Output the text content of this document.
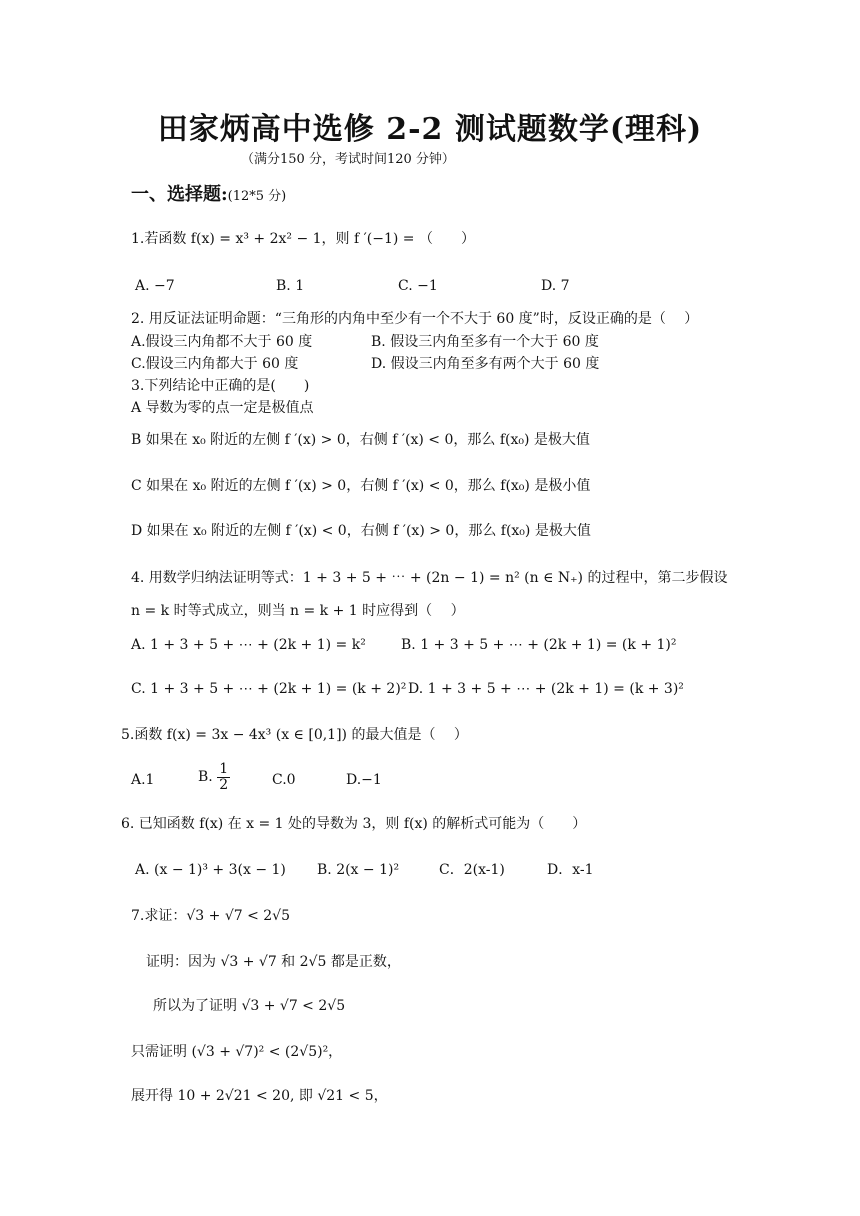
田家炳高中选修 2-2 测试题数学(理科)
（满分150 分，考试时间120 分钟）
一、选择题:(12*5 分)
1.若函数 f(x) = x³ + 2x² − 1，则 f ′(−1) = （　　）
A. −7	B. 1	C. −1	D. 7
2. 用反证法证明命题：“三角形的内角中至少有一个不大于 60 度”时，反设正确的是（　 ）
A.假设三内角都不大于 60 度	B. 假设三内角至多有一个大于 60 度
C.假设三内角都大于 60 度	D. 假设三内角至多有两个大于 60 度
3.下列结论中正确的是(　　)
A 导数为零的点一定是极值点
B 如果在 x₀ 附近的左侧 f ′(x) > 0，右侧 f ′(x) < 0，那么 f(x₀) 是极大值
C 如果在 x₀ 附近的左侧 f ′(x) > 0，右侧 f ′(x) < 0，那么 f(x₀) 是极小值
D 如果在 x₀ 附近的左侧 f ′(x) < 0，右侧 f ′(x) > 0，那么 f(x₀) 是极大值
4. 用数学归纳法证明等式：1 + 3 + 5 + ⋯ + (2n − 1) = n² (n ∈ N₊) 的过程中，第二步假设
n = k 时等式成立，则当 n = k + 1 时应得到（　 ）
A. 1 + 3 + 5 + ⋯ + (2k + 1) = k²	B. 1 + 3 + 5 + ⋯ + (2k + 1) = (k + 1)²
C. 1 + 3 + 5 + ⋯ + (2k + 1) = (k + 2)² D. 1 + 3 + 5 + ⋯ + (2k + 1) = (k + 3)²
5.函数 f(x) = 3x − 4x³ (x ∈ [0,1]) 的最大值是（　 ）
A.1	B. $\frac{1}{2}$	C.0	D.−1
6. 已知函数 f(x) 在 x = 1 处的导数为 3，则 f(x) 的解析式可能为（　　）
A. (x − 1)³ + 3(x − 1) B. 2(x − 1)²	C．2(x-1)	D．x-1
7.求证：√3 + √7 < 2√5
证明：因为 √3 + √7 和 2√5 都是正数，
所以为了证明 √3 + √7 < 2√5
只需证明 (√3 + √7)² < (2√5)²，
展开得 10 + 2√21 < 20, 即 √21 < 5，
